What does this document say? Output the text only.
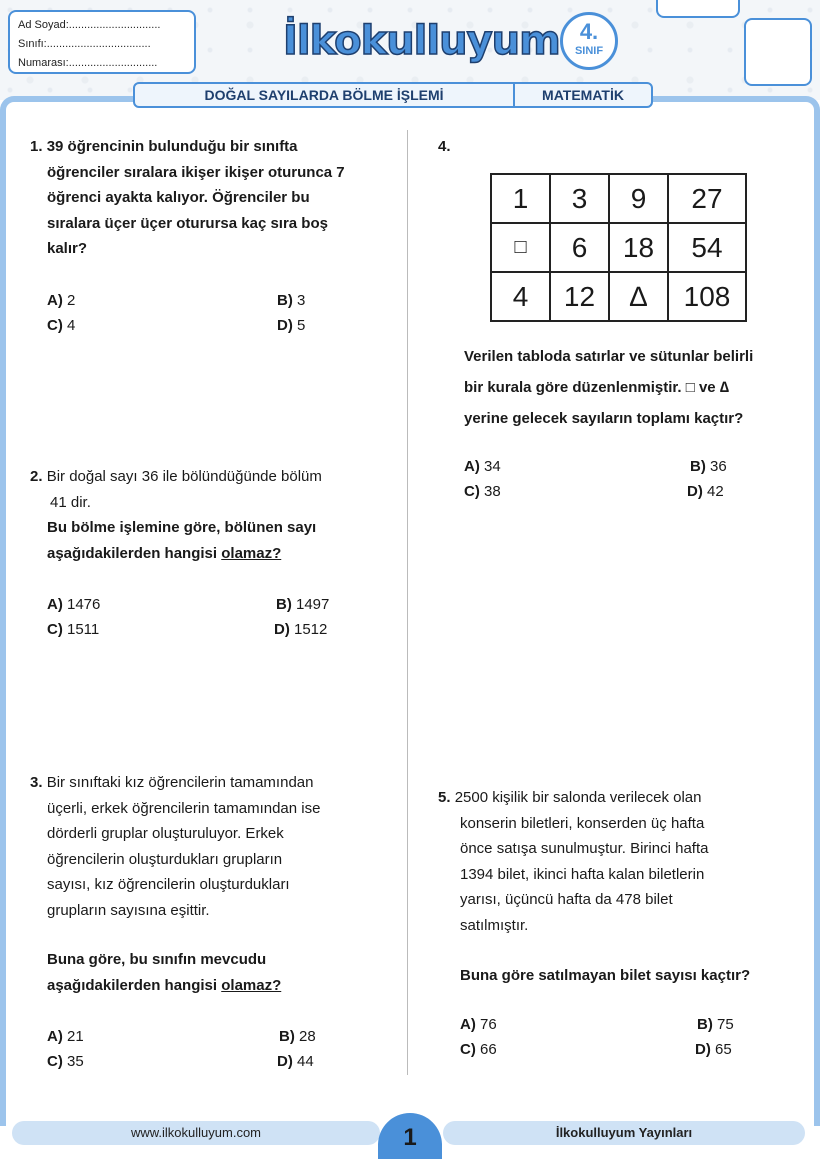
Ad Soyad:..............................
Sınıfı:..................................
Numarası:.............................	İlkokulluyum 4.
SINIF
DOĞAL SAYILARDA BÖLME İŞLEMİ	MATEMATİK
1. 39 öğrencinin bulunduğu bir sınıfta
öğrenciler sıralara ikişer ikişer oturunca 7
öğrenci ayakta kalıyor. Öğrenciler bu
sıralara üçer üçer oturursa kaç sıra boş
kalır?
A) 2	B) 3
C) 4	D) 5
2. Bir doğal sayı 36 ile bölündüğünde bölüm
41 dir.
Bu bölme işlemine göre, bölünen sayı
aşağıdakilerden hangisi olamaz?
A) 1476	B) 1497
C) 1511	D) 1512
3. Bir sınıftaki kız öğrencilerin tamamından
üçerli, erkek öğrencilerin tamamından ise
dörderli gruplar oluşturuluyor. Erkek
öğrencilerin oluşturdukları grupların
sayısı, kız öğrencilerin oluşturdukları
grupların sayısına eşittir.
Buna göre, bu sınıfın mevcudu
aşağıdakilerden hangisi olamaz?
A) 21	B) 28
C) 35	D) 44
4.
1	3	9	27
□	6	18	54
4	12	∆	108
Verilen tabloda satırlar ve sütunlar belirli
bir kurala göre düzenlenmiştir. □ ve ∆
yerine gelecek sayıların toplamı kaçtır?
A) 34	B) 36
C) 38	D) 42
5. 2500 kişilik bir salonda verilecek olan
konserin biletleri, konserden üç hafta
önce satışa sunulmuştur. Birinci hafta
1394 bilet, ikinci hafta kalan biletlerin
yarısı, üçüncü hafta da 478 bilet
satılmıştır.
Buna göre satılmayan bilet sayısı kaçtır?
A) 76	B) 75
C) 66	D) 65
www.ilkokulluyum.com	1	İlkokulluyum Yayınları
